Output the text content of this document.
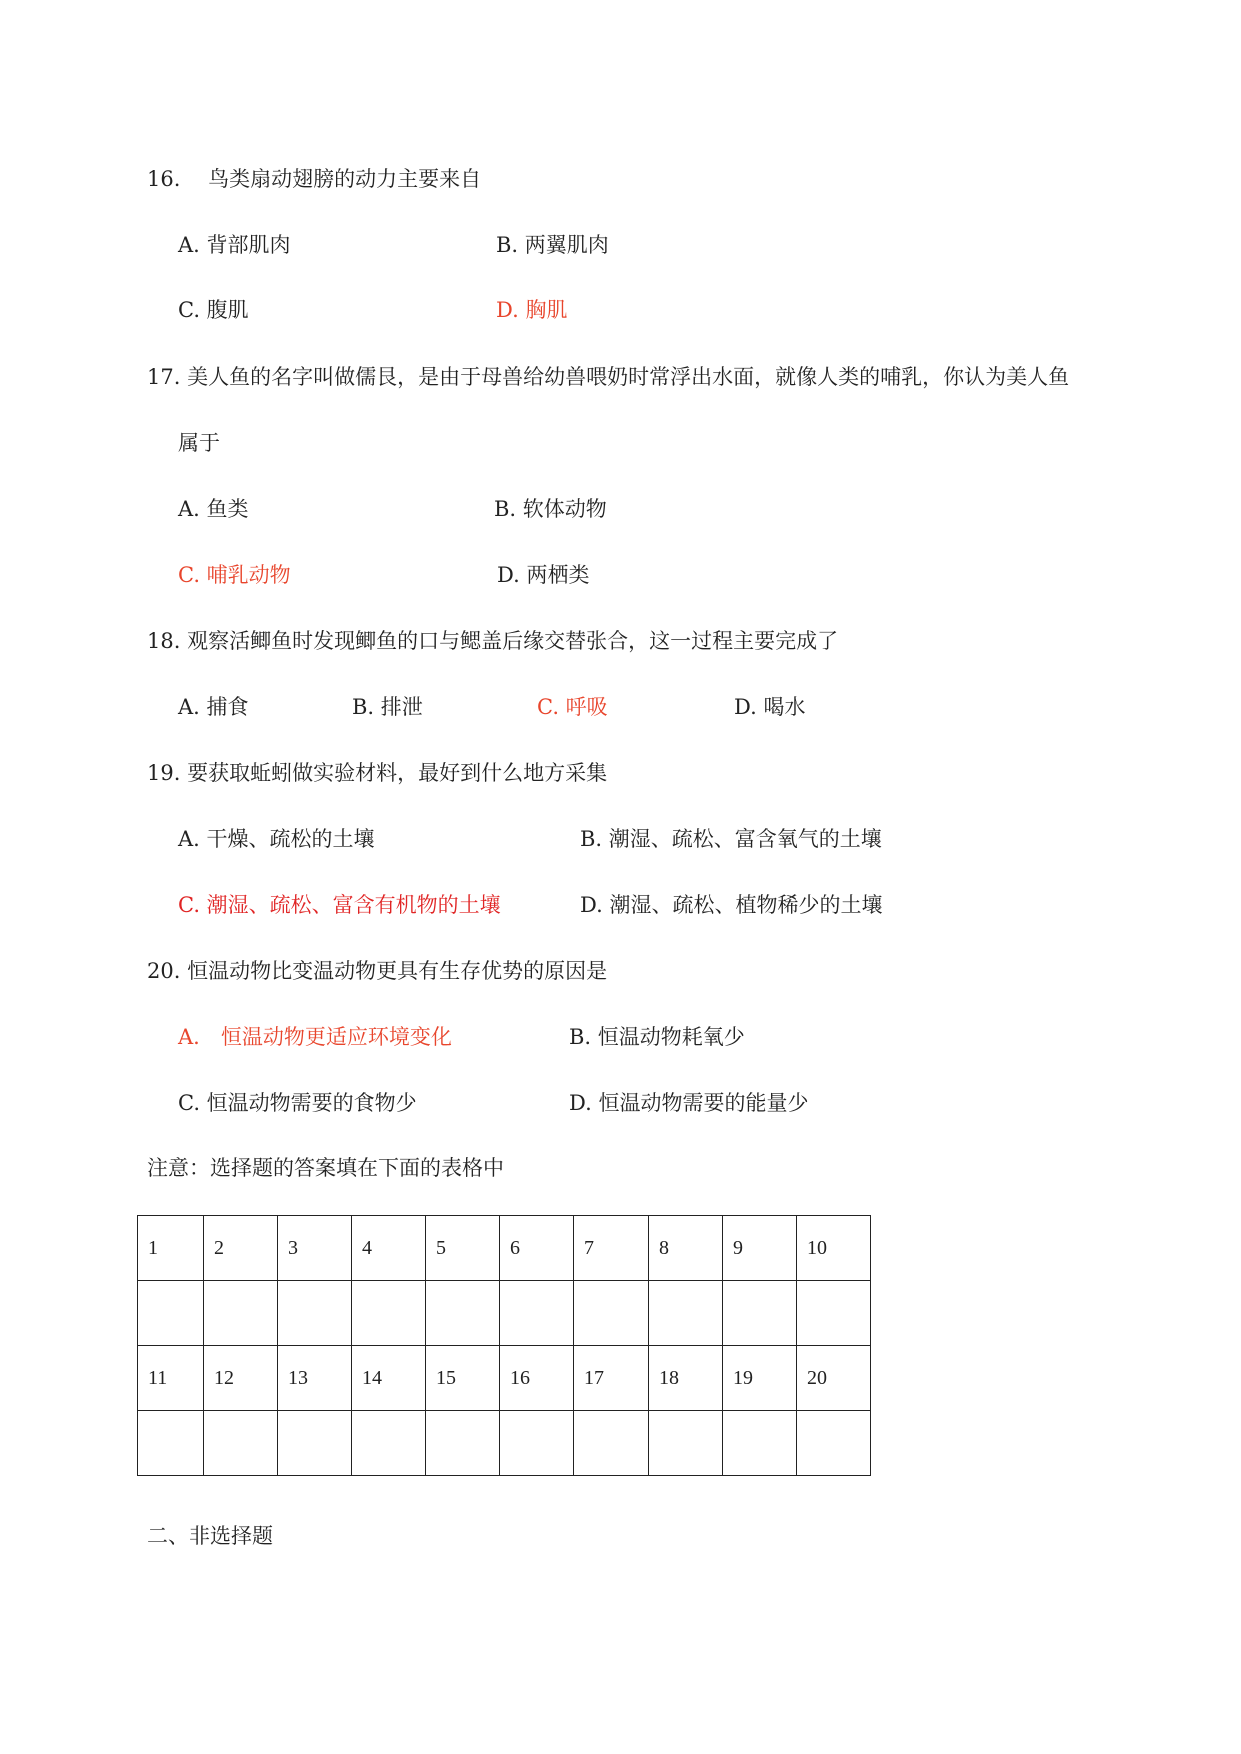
16.　 鸟类扇动翅膀的动力主要来自
A. 背部肌肉	B. 两翼肌肉
C. 腹肌	D. 胸肌
17. 美人鱼的名字叫做儒艮，是由于母兽给幼兽喂奶时常浮出水面，就像人类的哺乳，你认为美人鱼
属于
A. 鱼类	B. 软体动物
C. 哺乳动物	D. 两栖类
18. 观察活鲫鱼时发现鲫鱼的口与鳃盖后缘交替张合，这一过程主要完成了
A. 捕食	B. 排泄	C. 呼吸	D. 喝水
19. 要获取蚯蚓做实验材料，最好到什么地方采集
A. 干燥、疏松的土壤	B. 潮湿、疏松、富含氧气的土壤
C. 潮湿、疏松、富含有机物的土壤	D. 潮湿、疏松、植物稀少的土壤
20. 恒温动物比变温动物更具有生存优势的原因是
A.　恒温动物更适应环境变化	B. 恒温动物耗氧少
C. 恒温动物需要的食物少	D. 恒温动物需要的能量少
注意：选择题的答案填在下面的表格中
1	2	3	4	5	6	7	8	9	10

11	12	13	14	15	16	17	18	19	20

二、非选择题
